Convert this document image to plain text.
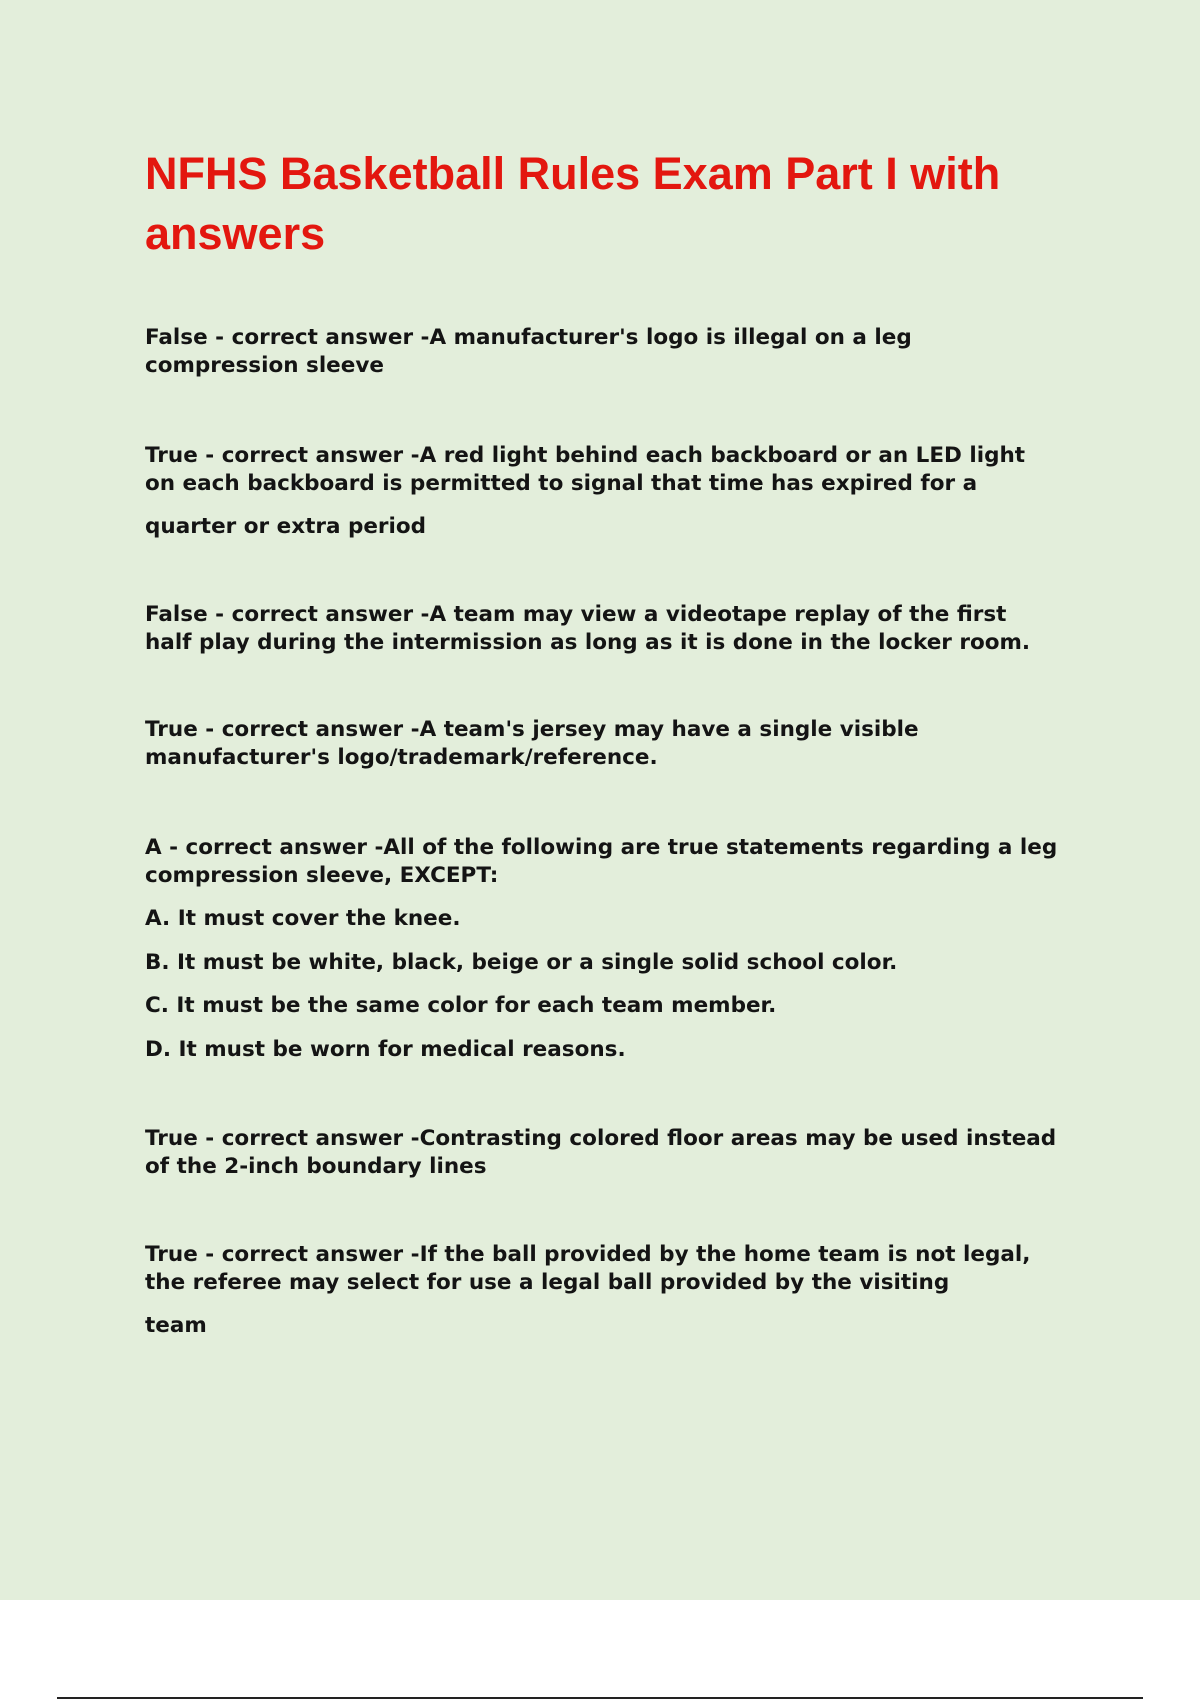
NFHS Basketball Rules Exam Part I with
answers
False - correct answer -A manufacturer's logo is illegal on a leg
compression sleeve
True - correct answer -A red light behind each backboard or an LED light
on each backboard is permitted to signal that time has expired for a
quarter or extra period
False - correct answer -A team may view a videotape replay of the first
half play during the intermission as long as it is done in the locker room.
True - correct answer -A team's jersey may have a single visible
manufacturer's logo/trademark/reference.
A - correct answer -All of the following are true statements regarding a leg
compression sleeve, EXCEPT:
A. It must cover the knee.
B. It must be white, black, beige or a single solid school color.
C. It must be the same color for each team member.
D. It must be worn for medical reasons.
True - correct answer -Contrasting colored floor areas may be used instead
of the 2-inch boundary lines
True - correct answer -If the ball provided by the home team is not legal,
the referee may select for use a legal ball provided by the visiting
team
